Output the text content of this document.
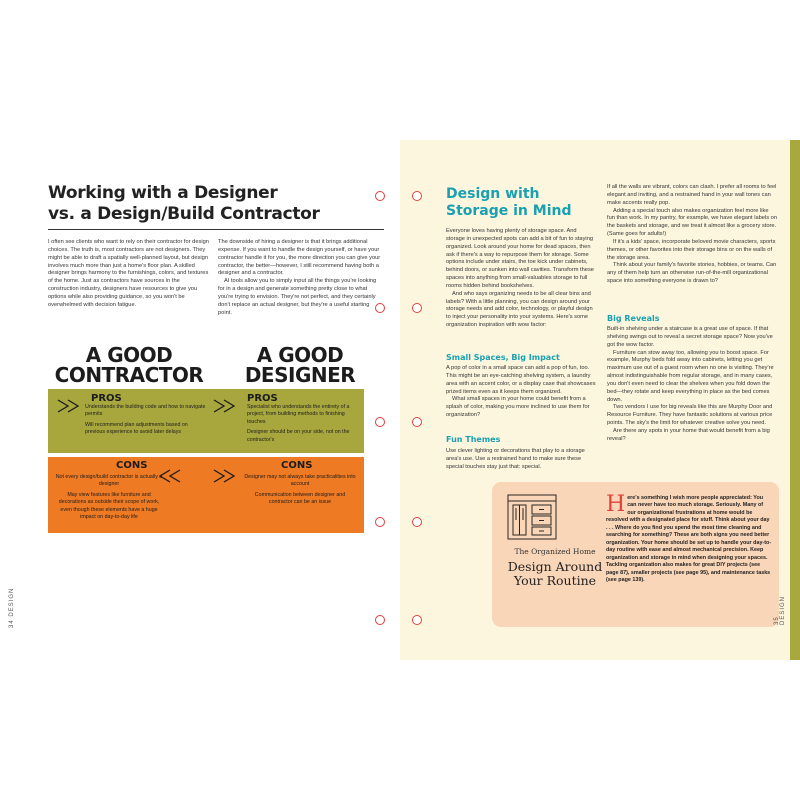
Working with a Designer
vs. a Design/Build Contractor

I often see clients who want to rely on their contractor for design choices. The truth is, most contractors are not designers. They might be able to draft a spatially well-planned layout, but design involves much more than just a home's floor plan. A skilled designer brings harmony to the furnishings, colors, and textures of the home. Just as contractors have sources in the construction industry, designers have resources to give you options while also providing guidance, so you won't be overwhelmed with decision fatigue.

The downside of hiring a designer is that it brings additional expense. If you want to handle the design yourself, or have your contractor handle it for you, the more direction you can give your contractor, the better—however, I still recommend having both a designer and a contractor.

AI tools allow you to simply input all the things you're looking for in a design and generate something pretty close to what you're trying to envision. They're not perfect, and they certainly don't replace an actual designer, but they're a useful starting point.

A GOOD
CONTRACTOR
PROS

Understands the building code and how to navigate permits

Will recommend plan adjustments based on previous experience to avoid later delays

CONS

Not every design/build contractor is actually a designer

May view features like furniture and decorations as outside their scope of work, even though these elements have a huge impact on day-to-day life

A GOOD
DESIGNER
PROS

Specialist who understands the entirety of a project, from building methods to finishing touches

Designer should be on your side, not on the contractor's

CONS

Designer may not always take practicalities into account

Communication between designer and contractor can be an issue

34 DESIGN
Design with
Storage in Mind

Everyone loves having plenty of storage space. And storage in unexpected spots can add a bit of fun to staying organized. Look around your home for dead spaces, then ask if there's a way to repurpose them for storage. Some options include under stairs, the toe kick under cabinets, behind doors, or sunken into wall cavities. Transform these spaces into anything from small-valuables storage to full rooms hidden behind bookshelves.

And who says organizing needs to be all clear bins and labels? With a little planning, you can design around your storage needs and add color, technology, or playful design to inject your personality into your systems. Here's some organization inspiration with wow factor:

Small Spaces, Big Impact

A pop of color in a small space can add a pop of fun, too. This might be an eye-catching shelving system, a laundry area with an accent color, or a display case that showcases prized items even as it keeps them organized.

What small spaces in your home could benefit from a splash of color, making you more inclined to use them for organization?

Fun Themes

Use clever lighting or decorations that play to a storage area's use. Use a restrained hand to make sure these special touches stay just that: special.

If all the walls are vibrant, colors can clash. I prefer all rooms to feel elegant and inviting, and a restrained hand in your wall tones can make accents really pop.

Adding a special touch also makes organization feel more like fun than work. In my pantry, for example, we have elegant labels on the baskets and storage, and we treat it almost like a grocery store. (Same goes for adults!)

If it's a kids' space, incorporate beloved movie characters, sports themes, or other favorites into their storage bins or on the walls of the storage area.

Think about your family's favorite stories, hobbies, or teams. Can any of them help turn an otherwise run-of-the-mill organizational space into something everyone is drawn to?

Big Reveals

Built-in shelving under a staircase is a great use of space. If that shelving swings out to reveal a secret storage space? Now you've got the wow factor.

Furniture can stow away too, allowing you to boost space. For example, Murphy beds fold away into cabinets, letting you get maximum use out of a guest room when no one is visiting. They're almost indistinguishable from regular storage, and in many cases, you don't even need to clear the shelves when you fold down the bed—they rotate and keep everything in place as the bed comes down.

Two vendors I use for big reveals like this are Murphy Door and Resource Furniture. They have fantastic solutions at various price points. The sky's the limit for whatever creative solve you need.

Are there any spots in your home that would benefit from a big reveal?

The Organized Home
Design Around
Your Routine
Here's something I wish more people appreciated: You can never have too much storage. Seriously. Many of our organizational frustrations at home would be resolved with a designated place for stuff. Think about your day . . . Where do you find you spend the most time cleaning and searching for something? These are both signs you need better organization. Your home should be set up to handle your day-to-day routine with ease and almost mechanical precision. Keep organization and storage in mind when designing your spaces. Tackling organization also makes for great DIY projects (see page 87), smaller projects (see page 95), and maintenance tasks (see page 139).
35 DESIGN
